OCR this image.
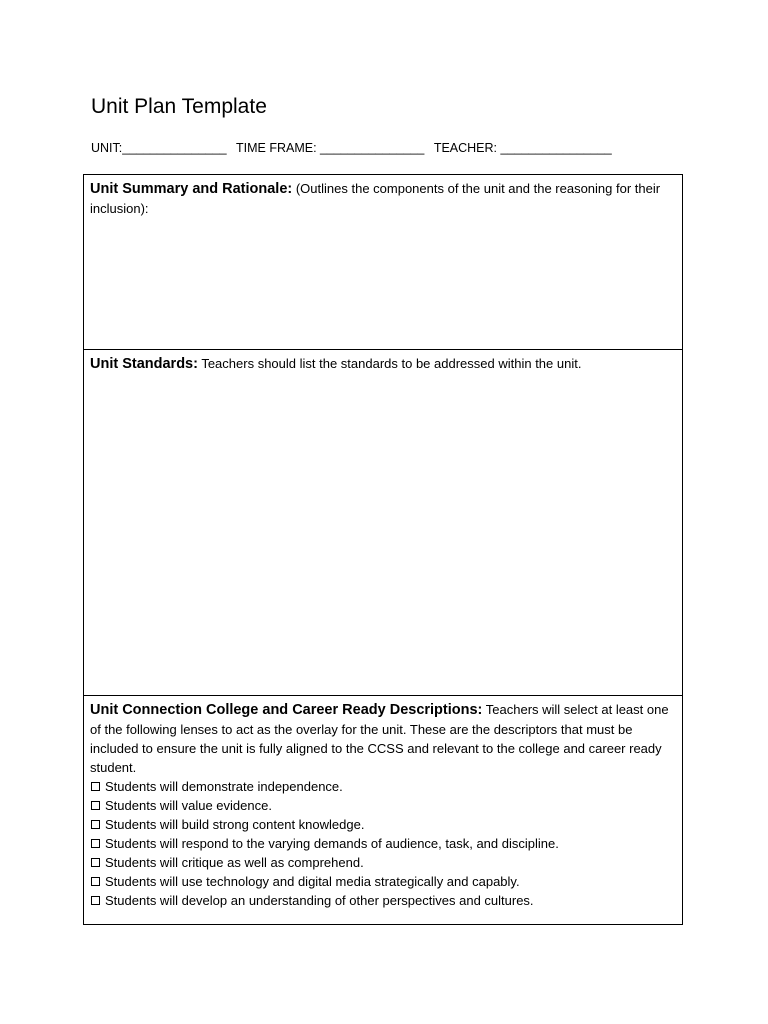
Unit Plan Template
UNIT:_______________ TIME FRAME: _______________ TEACHER: ________________
Unit Summary and Rationale: (Outlines the components of the unit and the reasoning for their inclusion):
Unit Standards: Teachers should list the standards to be addressed within the unit.
Unit Connection College and Career Ready Descriptions: Teachers will select at least one of the following lenses to act as the overlay for the unit. These are the descriptors that must be included to ensure the unit is fully aligned to the CCSS and relevant to the college and career ready student.
Students will demonstrate independence.
Students will value evidence.
Students will build strong content knowledge.
Students will respond to the varying demands of audience, task, and discipline.
Students will critique as well as comprehend.
Students will use technology and digital media strategically and capably.
Students will develop an understanding of other perspectives and cultures.
